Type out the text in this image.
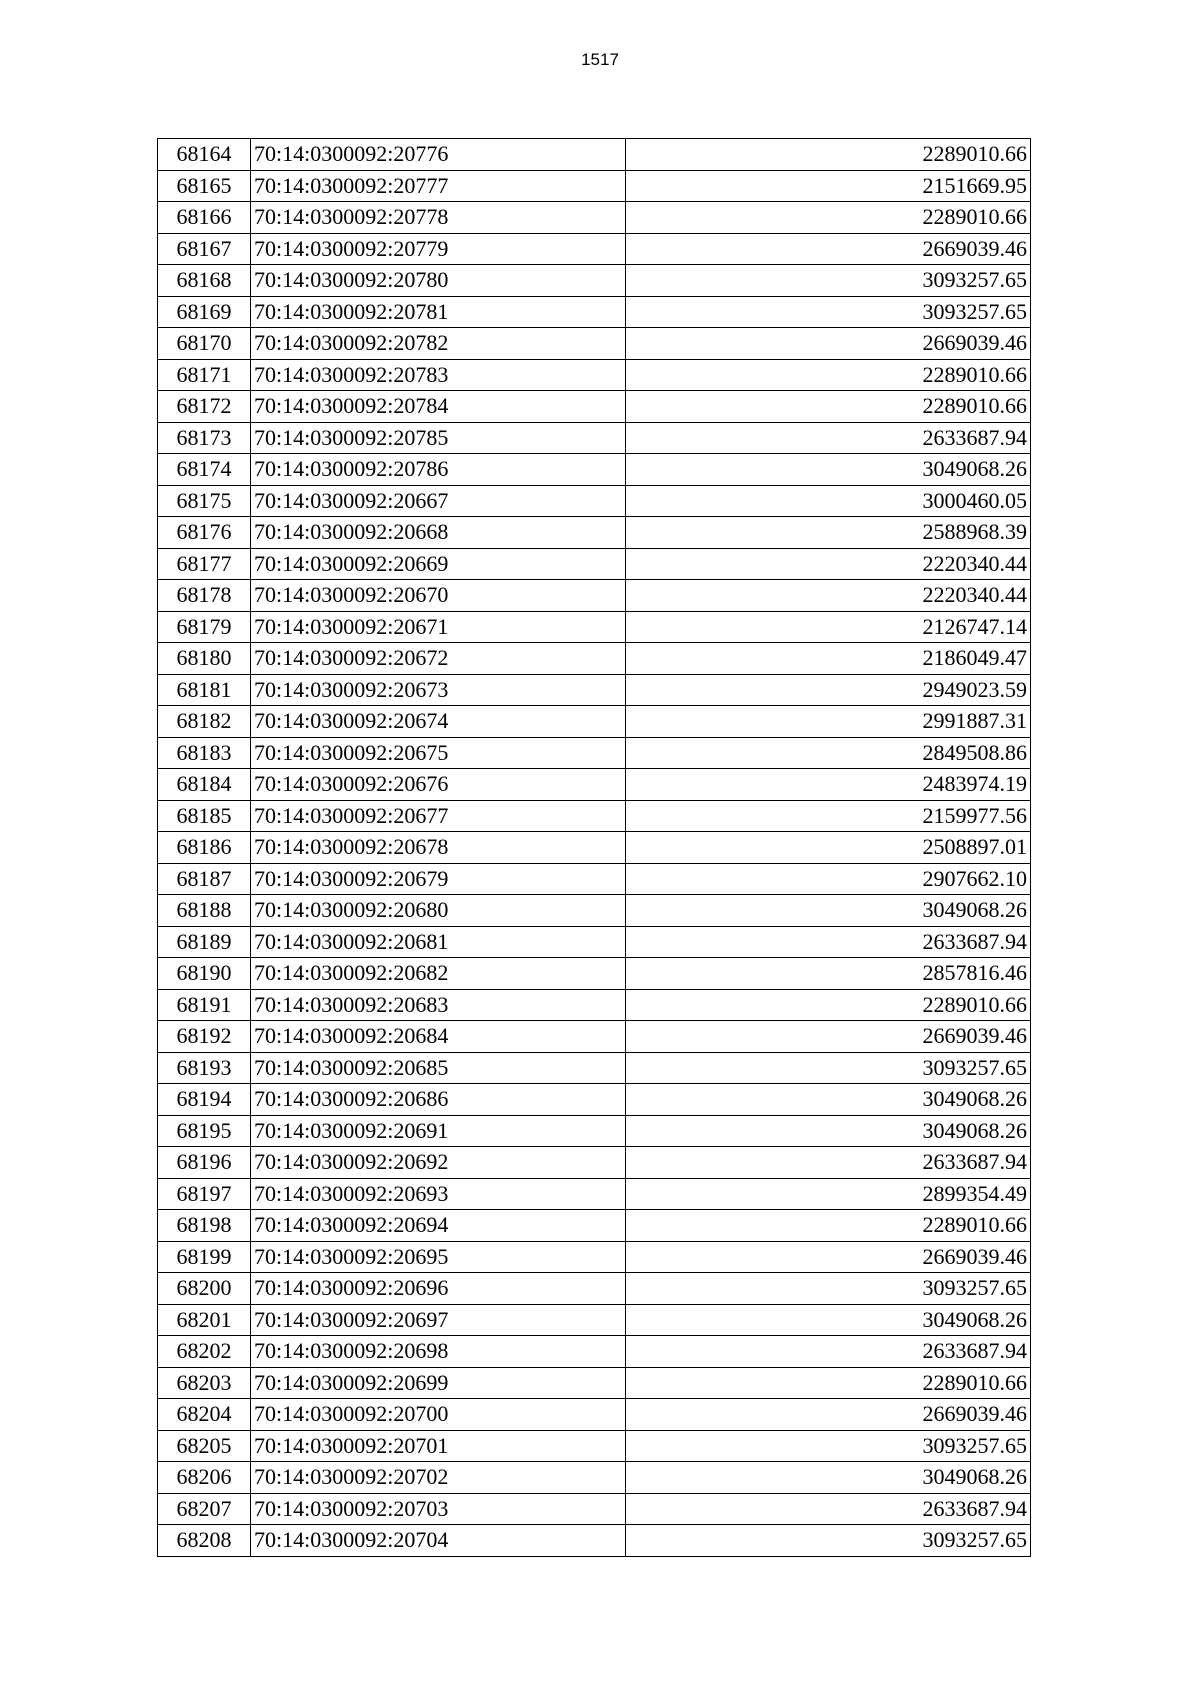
1517
68164	70:14:0300092:20776	2289010.66
68165	70:14:0300092:20777	2151669.95
68166	70:14:0300092:20778	2289010.66
68167	70:14:0300092:20779	2669039.46
68168	70:14:0300092:20780	3093257.65
68169	70:14:0300092:20781	3093257.65
68170	70:14:0300092:20782	2669039.46
68171	70:14:0300092:20783	2289010.66
68172	70:14:0300092:20784	2289010.66
68173	70:14:0300092:20785	2633687.94
68174	70:14:0300092:20786	3049068.26
68175	70:14:0300092:20667	3000460.05
68176	70:14:0300092:20668	2588968.39
68177	70:14:0300092:20669	2220340.44
68178	70:14:0300092:20670	2220340.44
68179	70:14:0300092:20671	2126747.14
68180	70:14:0300092:20672	2186049.47
68181	70:14:0300092:20673	2949023.59
68182	70:14:0300092:20674	2991887.31
68183	70:14:0300092:20675	2849508.86
68184	70:14:0300092:20676	2483974.19
68185	70:14:0300092:20677	2159977.56
68186	70:14:0300092:20678	2508897.01
68187	70:14:0300092:20679	2907662.10
68188	70:14:0300092:20680	3049068.26
68189	70:14:0300092:20681	2633687.94
68190	70:14:0300092:20682	2857816.46
68191	70:14:0300092:20683	2289010.66
68192	70:14:0300092:20684	2669039.46
68193	70:14:0300092:20685	3093257.65
68194	70:14:0300092:20686	3049068.26
68195	70:14:0300092:20691	3049068.26
68196	70:14:0300092:20692	2633687.94
68197	70:14:0300092:20693	2899354.49
68198	70:14:0300092:20694	2289010.66
68199	70:14:0300092:20695	2669039.46
68200	70:14:0300092:20696	3093257.65
68201	70:14:0300092:20697	3049068.26
68202	70:14:0300092:20698	2633687.94
68203	70:14:0300092:20699	2289010.66
68204	70:14:0300092:20700	2669039.46
68205	70:14:0300092:20701	3093257.65
68206	70:14:0300092:20702	3049068.26
68207	70:14:0300092:20703	2633687.94
68208	70:14:0300092:20704	3093257.65
